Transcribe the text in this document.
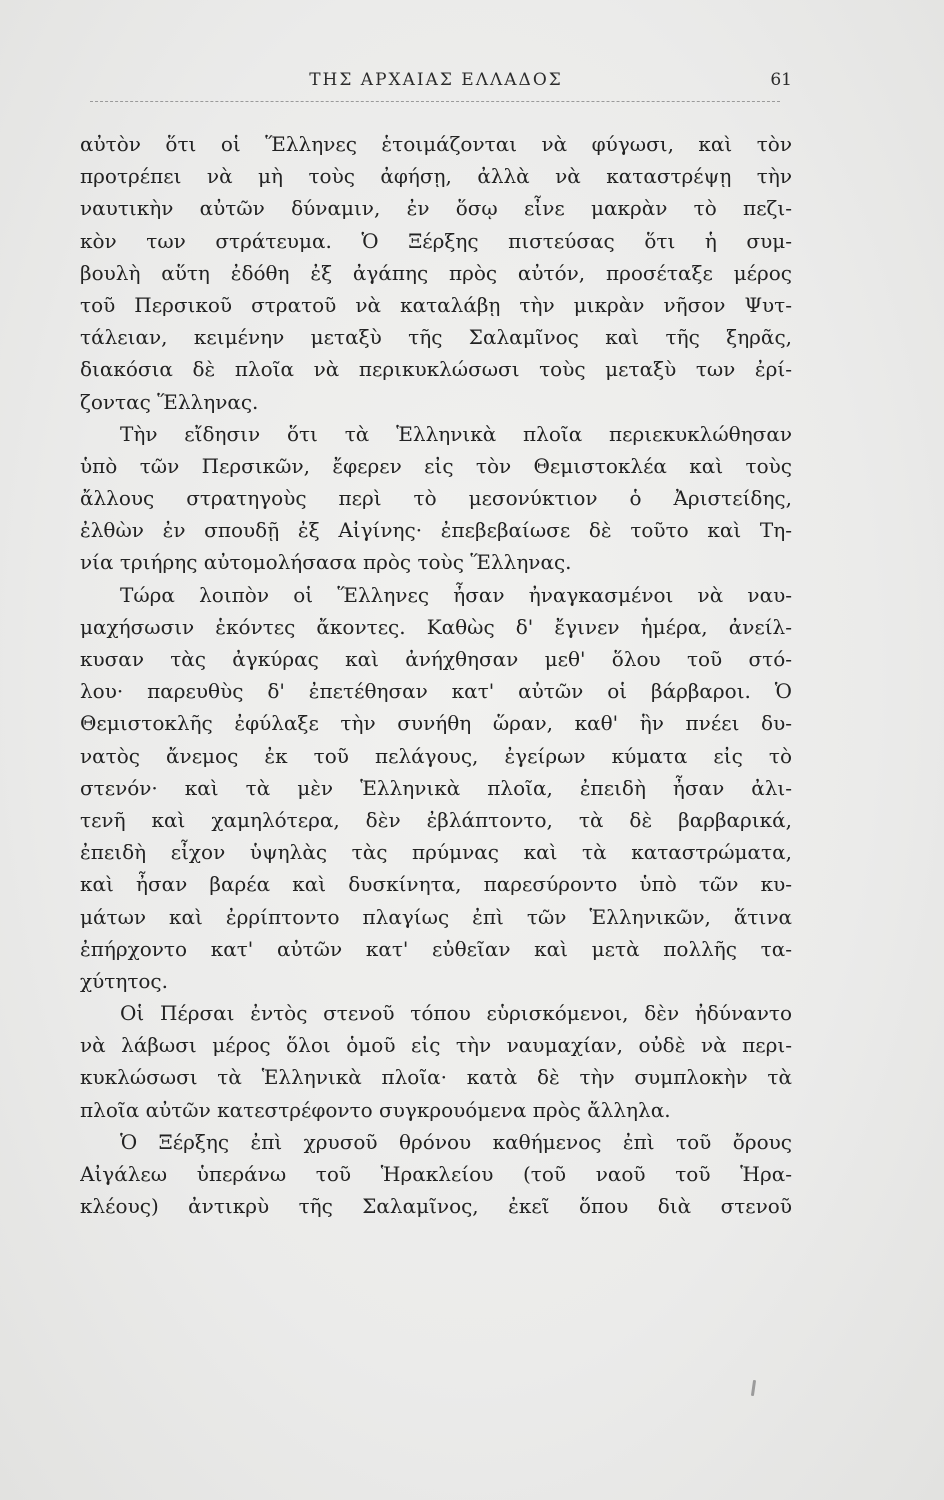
ΤΗΣ ΑΡΧΑΙΑΣ ΕΛΛΑΔΟΣ	61
αὐτὸν ὅτι οἱ Ἕλληνες ἑτοιμάζονται νὰ φύγωσι, καὶ τὸν
προτρέπει νὰ μὴ τοὺς ἀφήσῃ, ἀλλὰ νὰ καταστρέψῃ τὴν
ναυτικὴν αὐτῶν δύναμιν, ἐν ὅσῳ εἶνε μακρὰν τὸ πεζι-
κὸν των στράτευμα. Ὁ Ξέρξης πιστεύσας ὅτι ἡ συμ-
βουλὴ αὕτη ἐδόθη ἐξ ἀγάπης πρὸς αὐτόν, προσέταξε μέρος
τοῦ Περσικοῦ στρατοῦ νὰ καταλάβῃ τὴν μικρὰν νῆσον Ψυτ-
τάλειαν, κειμένην μεταξὺ τῆς Σαλαμῖνος καὶ τῆς ξηρᾶς,
διακόσια δὲ πλοῖα νὰ περικυκλώσωσι τοὺς μεταξὺ των ἐρί-
ζοντας Ἕλληνας.
Τὴν εἴδησιν ὅτι τὰ Ἑλληνικὰ πλοῖα περιεκυκλώθησαν
ὑπὸ τῶν Περσικῶν, ἔφερεν εἰς τὸν Θεμιστοκλέα καὶ τοὺς
ἄλλους στρατηγοὺς περὶ τὸ μεσονύκτιον ὁ Ἀριστείδης,
ἐλθὼν ἐν σπουδῇ ἐξ Αἰγίνης· ἐπεβεβαίωσε δὲ τοῦτο καὶ Τη-
νία τριήρης αὐτομολήσασα πρὸς τοὺς Ἕλληνας.
Τώρα λοιπὸν οἱ Ἕλληνες ἦσαν ἠναγκασμένοι νὰ ναυ-
μαχήσωσιν ἑκόντες ἄκοντες. Καθὼς δ' ἔγινεν ἡμέρα, ἀνείλ-
κυσαν τὰς ἀγκύρας καὶ ἀνήχθησαν μεθ' ὅλου τοῦ στό-
λου· παρευθὺς δ' ἐπετέθησαν κατ' αὐτῶν οἱ βάρβαροι. Ὁ
Θεμιστοκλῆς ἐφύλαξε τὴν συνήθη ὥραν, καθ' ἣν πνέει δυ-
νατὸς ἄνεμος ἐκ τοῦ πελάγους, ἐγείρων κύματα εἰς τὸ
στενόν· καὶ τὰ μὲν Ἑλληνικὰ πλοῖα, ἐπειδὴ ἦσαν ἀλι-
τενῆ καὶ χαμηλότερα, δὲν ἐβλάπτοντο, τὰ δὲ βαρβαρικά,
ἐπειδὴ εἶχον ὑψηλὰς τὰς πρύμνας καὶ τὰ καταστρώματα,
καὶ ἦσαν βαρέα καὶ δυσκίνητα, παρεσύροντο ὑπὸ τῶν κυ-
μάτων καὶ ἐρρίπτοντο πλαγίως ἐπὶ τῶν Ἑλληνικῶν, ἅτινα
ἐπήρχοντο κατ' αὐτῶν κατ' εὐθεῖαν καὶ μετὰ πολλῆς τα-
χύτητος.
Οἱ Πέρσαι ἐντὸς στενοῦ τόπου εὑρισκόμενοι, δὲν ἠδύναντο
νὰ λάβωσι μέρος ὅλοι ὁμοῦ εἰς τὴν ναυμαχίαν, οὐδὲ νὰ περι-
κυκλώσωσι τὰ Ἑλληνικὰ πλοῖα· κατὰ δὲ τὴν συμπλοκὴν τὰ
πλοῖα αὐτῶν κατεστρέφοντο συγκρουόμενα πρὸς ἄλληλα.
Ὁ Ξέρξης ἐπὶ χρυσοῦ θρόνου καθήμενος ἐπὶ τοῦ ὄρους
Αἰγάλεω ὑπεράνω τοῦ Ἡρακλείου (τοῦ ναοῦ τοῦ Ἡρα-
κλέους) ἀντικρὺ τῆς Σαλαμῖνος, ἐκεῖ ὅπου διὰ στενοῦ
